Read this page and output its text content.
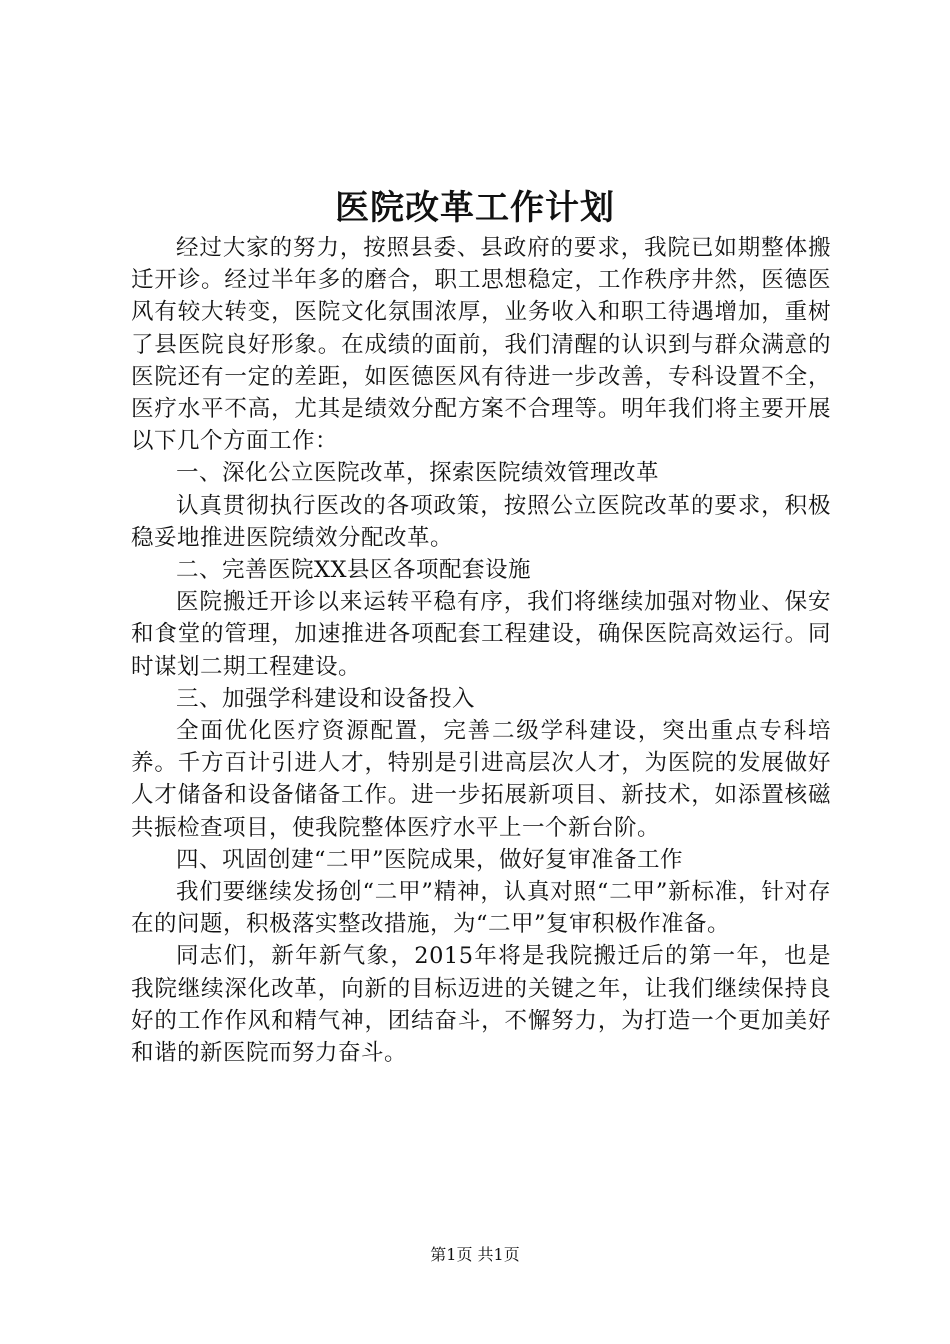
医院改革工作计划

经过大家的努力，按照县委、县政府的要求，我院已如期整体搬迁开诊。经过半年多的磨合，职工思想稳定，工作秩序井然，医德医风有较大转变，医院文化氛围浓厚，业务收入和职工待遇增加，重树了县医院良好形象。在成绩的面前，我们清醒的认识到与群众满意的医院还有一定的差距，如医德医风有待进一步改善，专科设置不全，医疗水平不高，尤其是绩效分配方案不合理等。明年我们将主要开展以下几个方面工作：

一、深化公立医院改革，探索医院绩效管理改革

认真贯彻执行医改的各项政策，按照公立医院改革的要求，积极稳妥地推进医院绩效分配改革。

二、完善医院XX县区各项配套设施

医院搬迁开诊以来运转平稳有序，我们将继续加强对物业、保安和食堂的管理，加速推进各项配套工程建设，确保医院高效运行。同时谋划二期工程建设。

三、加强学科建设和设备投入

全面优化医疗资源配置，完善二级学科建设，突出重点专科培养。千方百计引进人才，特别是引进高层次人才，为医院的发展做好人才储备和设备储备工作。进一步拓展新项目、新技术，如添置核磁共振检查项目，使我院整体医疗水平上一个新台阶。

四、巩固创建“二甲”医院成果，做好复审准备工作

我们要继续发扬创“二甲”精神，认真对照“二甲”新标准，针对存在的问题，积极落实整改措施，为“二甲”复审积极作准备。

同志们，新年新气象，2015年将是我院搬迁后的第一年，也是我院继续深化改革，向新的目标迈进的关键之年，让我们继续保持良好的工作作风和精气神，团结奋斗，不懈努力，为打造一个更加美好和谐的新医院而努力奋斗。

第1页 共1页
